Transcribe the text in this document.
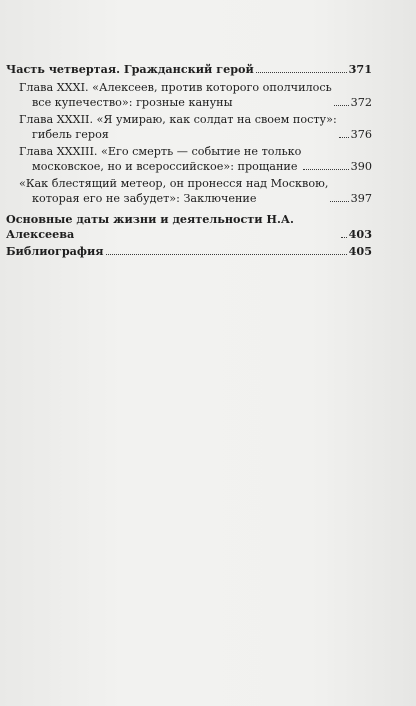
Часть четвертая. Гражданский герой	371
Глава XXXI. «Алексеев, против которого ополчилось
все купечество»: грозные кануны	372
Глава XXXII. «Я умираю, как солдат на своем посту»:
гибель героя	376
Глава XXXIII. «Его смерть — событие не только
московское, но и всероссийское»: прощание	390
«Как блестящий метеор, он пронесся над Москвою,
которая его не забудет»: Заключение	397
Основные даты жизни и деятельности Н.А. Алексеева	403
Библиография	405
